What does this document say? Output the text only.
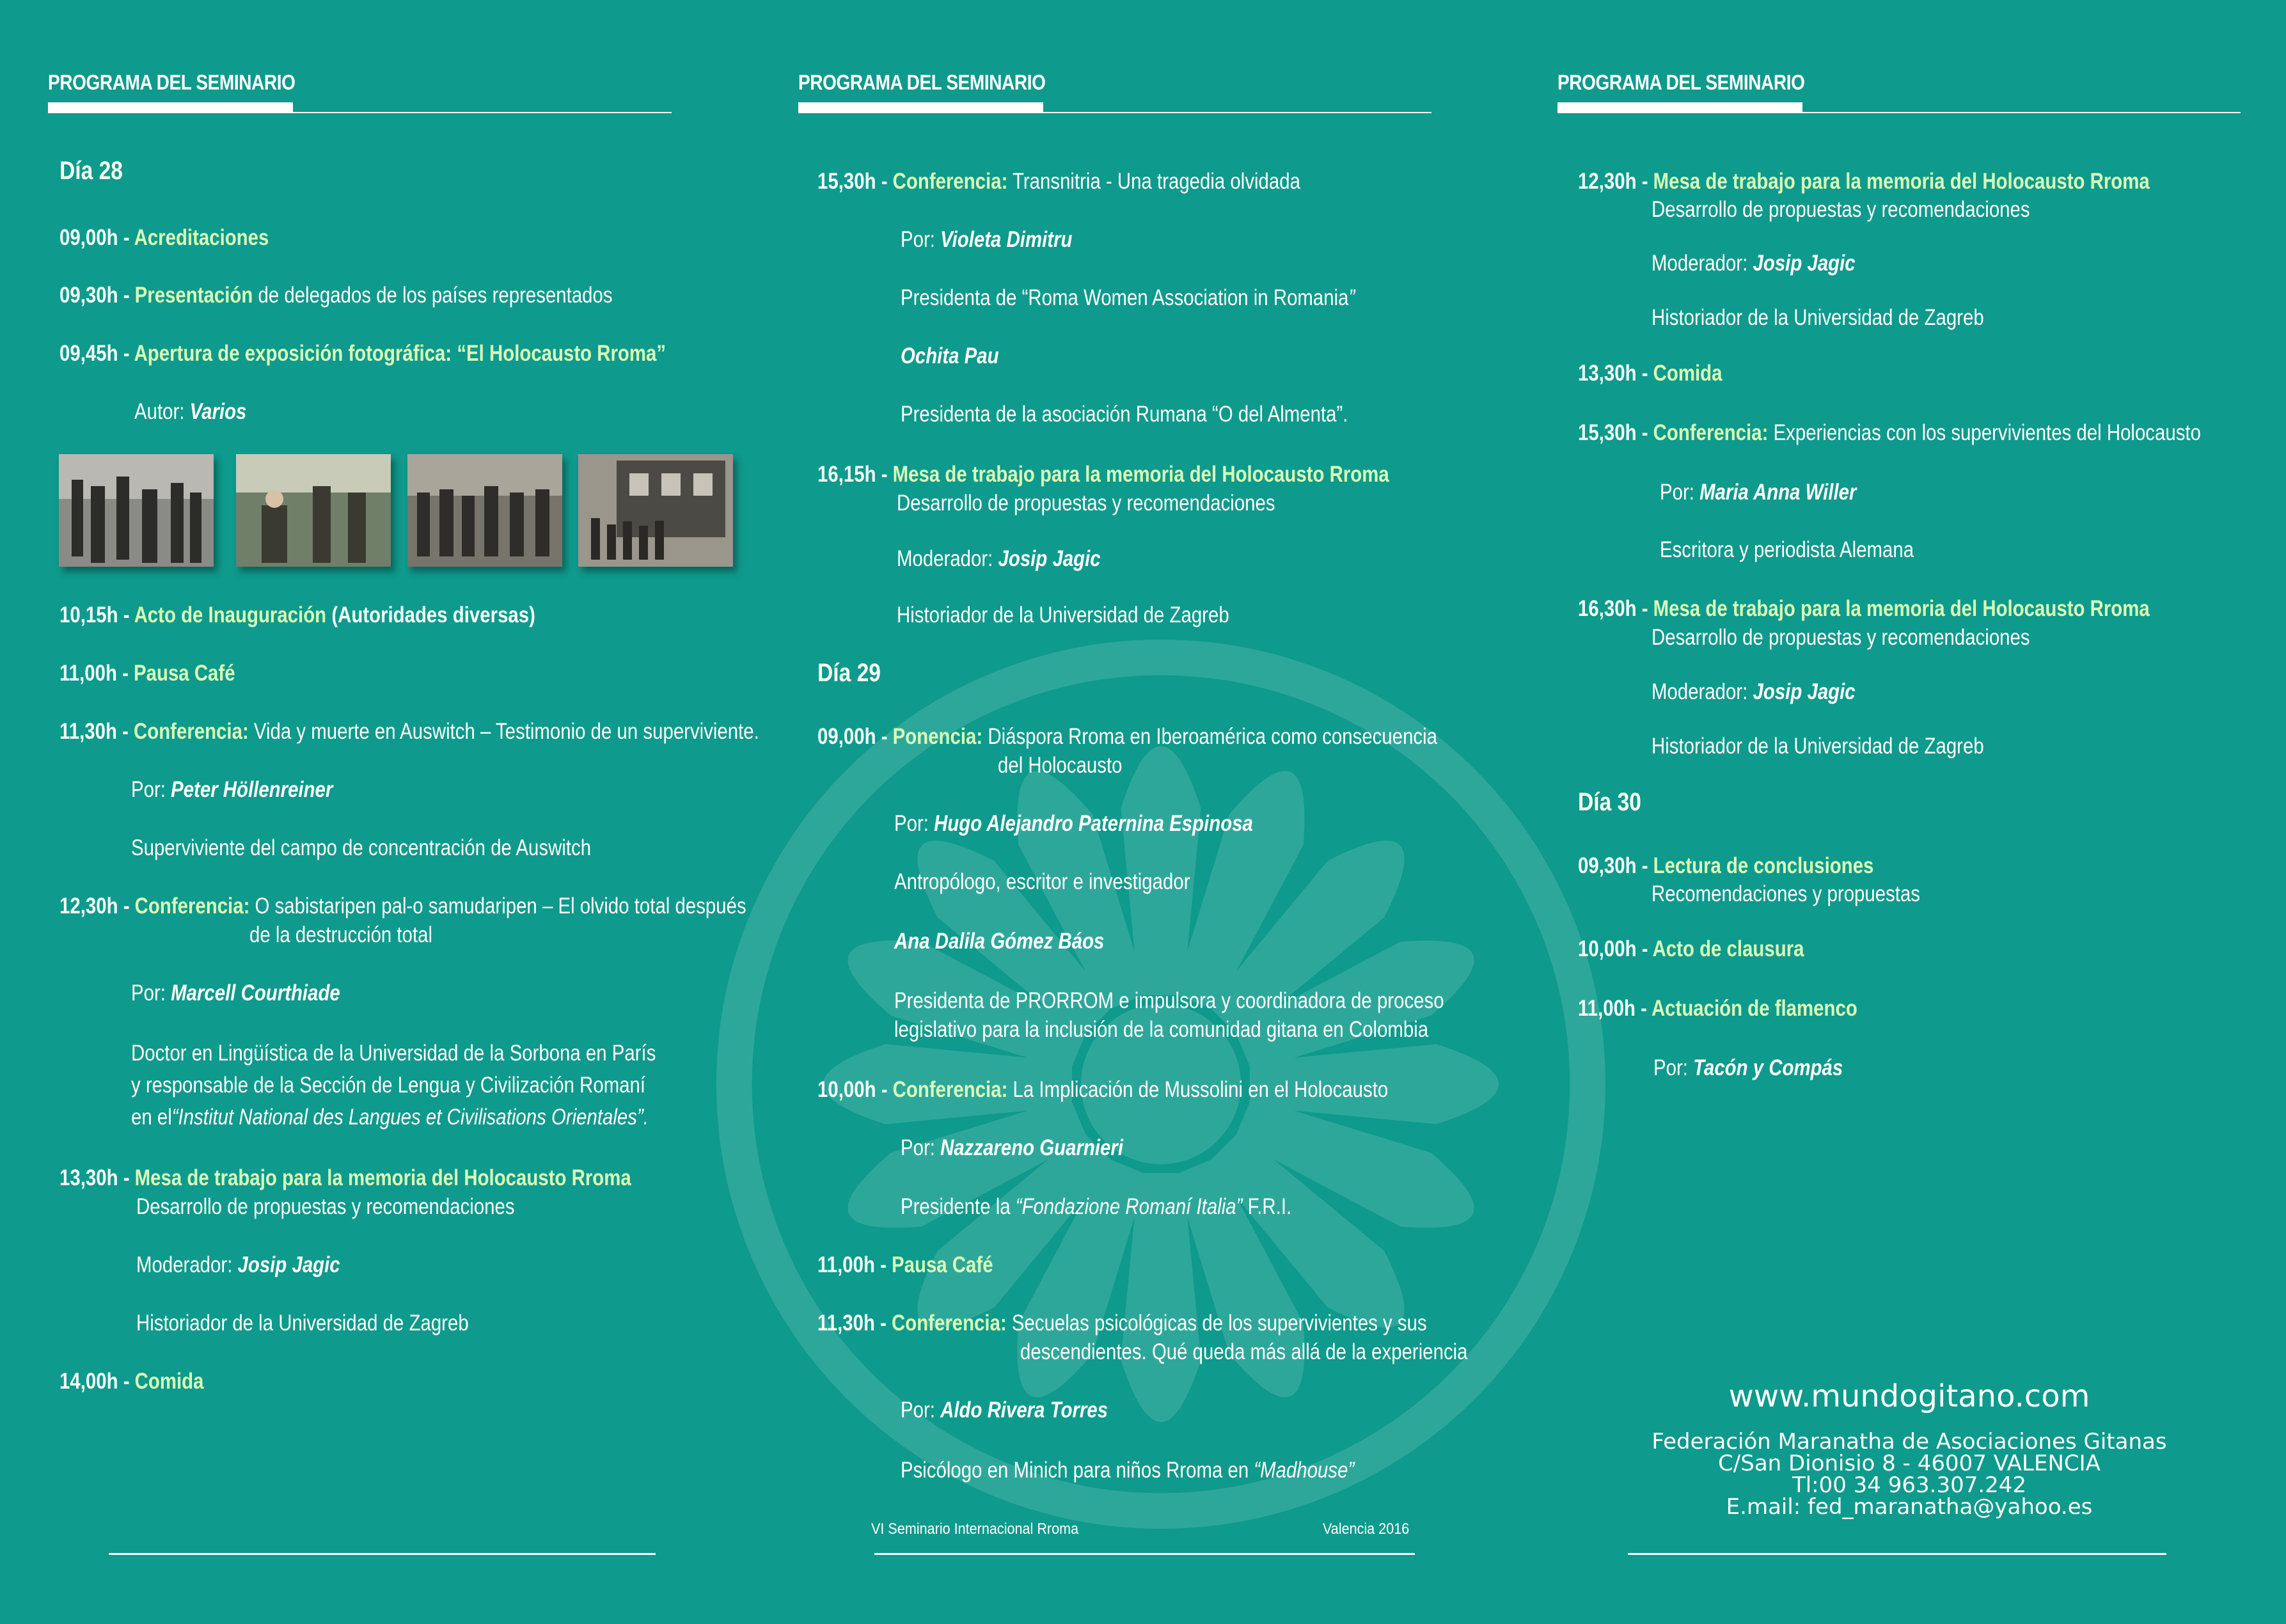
PROGRAMA DEL SEMINARIO	PROGRAMA DEL SEMINARIO	PROGRAMA DEL SEMINARIO
Día 28
09,00h - Acreditaciones
09,30h - Presentación de delegados de los países representados
09,45h - Apertura de exposición fotográfica: “El Holocausto Rroma”
Autor: Varios
10,15h - Acto de Inauguración (Autoridades diversas)
11,00h - Pausa Café
11,30h - Conferencia: Vida y muerte en Auswitch – Testimonio de un superviviente.
Por: Peter Höllenreiner
Superviviente del campo de concentración de Auswitch
12,30h - Conferencia: O sabistaripen pal-o samudaripen – El olvido total después
de la destrucción total
Por: Marcell Courthiade
Doctor en Lingüística de la Universidad de la Sorbona en París
y responsable de la Sección de Lengua y Civilización Romaní
en el“Institut National des Langues et Civilisations Orientales”.
13,30h - Mesa de trabajo para la memoria del Holocausto Rroma
Desarrollo de propuestas y recomendaciones
Moderador: Josip Jagic
Historiador de la Universidad de Zagreb
14,00h - Comida
15,30h - Conferencia: Transnitria - Una tragedia olvidada
Por: Violeta Dimitru
Presidenta de “Roma Women Association in Romania”
Ochita Pau
Presidenta de la asociación Rumana “O del Almenta”.
16,15h - Mesa de trabajo para la memoria del Holocausto Rroma
Desarrollo de propuestas y recomendaciones
Moderador: Josip Jagic
Historiador de la Universidad de Zagreb
Día 29
09,00h - Ponencia: Diáspora Rroma en Iberoamérica como consecuencia
del Holocausto
Por: Hugo Alejandro Paternina Espinosa
Antropólogo, escritor e investigador
Ana Dalila Gómez Báos
Presidenta de PRORROM e impulsora y coordinadora de proceso
legislativo para la inclusión de la comunidad gitana en Colombia
10,00h - Conferencia: La Implicación de Mussolini en el Holocausto
Por: Nazzareno Guarnieri
Presidente la “Fondazione Romaní Italia” F.R.I.
11,00h - Pausa Café
11,30h - Conferencia: Secuelas psicológicas de los supervivientes y sus
descendientes. Qué queda más allá de la experiencia
Por: Aldo Rivera Torres
Psicólogo en Minich para niños Rroma en “Madhouse”
VI Seminario Internacional Rroma	Valencia 2016
12,30h - Mesa de trabajo para la memoria del Holocausto Rroma
Desarrollo de propuestas y recomendaciones
Moderador: Josip Jagic
Historiador de la Universidad de Zagreb
13,30h - Comida
15,30h - Conferencia: Experiencias con los supervivientes del Holocausto
Por: Maria Anna Willer
Escritora y periodista Alemana
16,30h - Mesa de trabajo para la memoria del Holocausto Rroma
Desarrollo de propuestas y recomendaciones
Moderador: Josip Jagic
Historiador de la Universidad de Zagreb
Día 30
09,30h - Lectura de conclusiones
Recomendaciones y propuestas
10,00h - Acto de clausura
11,00h - Actuación de flamenco
Por: Tacón y Compás
www.mundogitano.com
Federación Maranatha de Asociaciones Gitanas
C/San Dionisio 8 - 46007 VALENCIA
Tl:00 34 963.307.242
E.mail: fed_maranatha@yahoo.es
